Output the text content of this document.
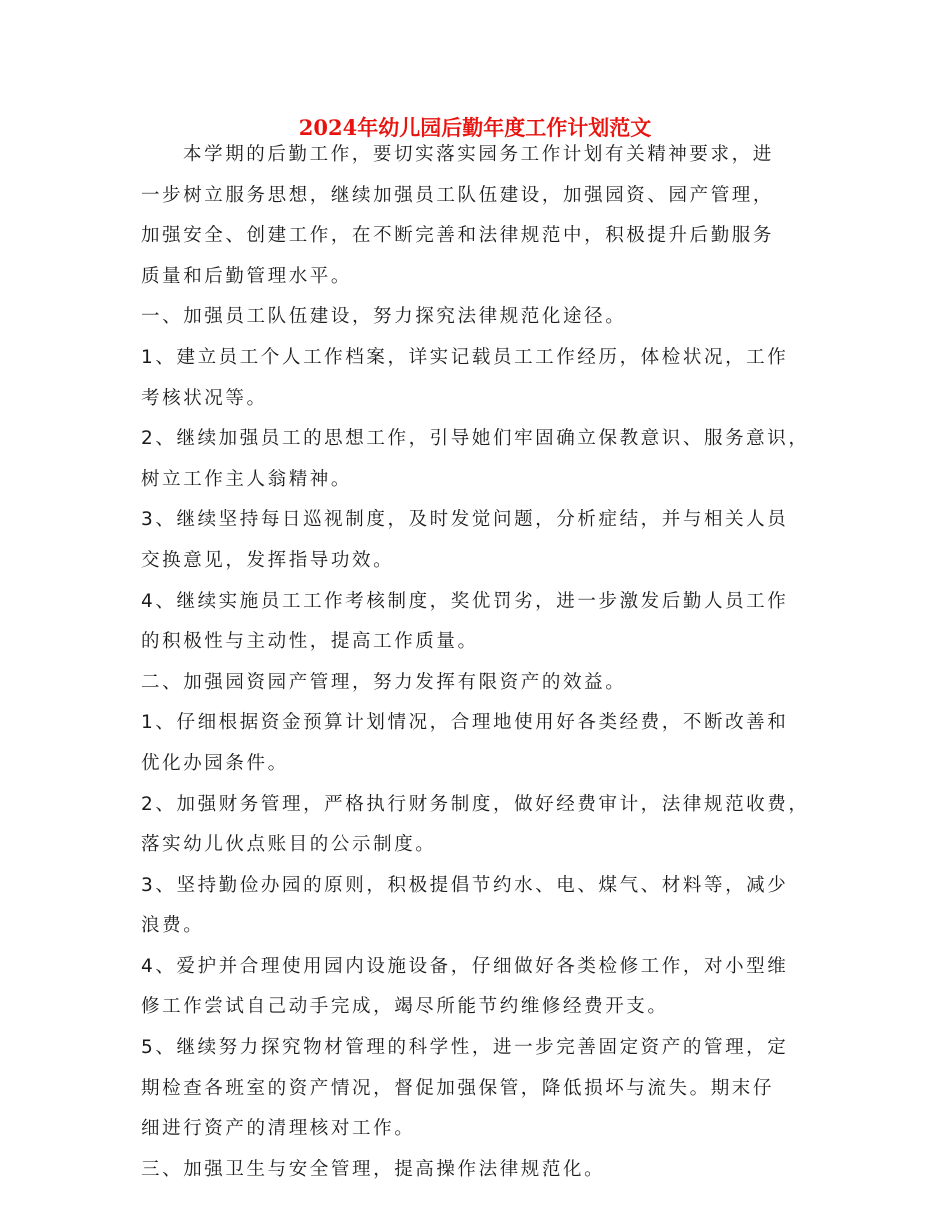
2024年幼儿园后勤年度工作计划范文
本学期的后勤工作，要切实落实园务工作计划有关精神要求，进
一步树立服务思想，继续加强员工队伍建设，加强园资、园产管理，
加强安全、创建工作，在不断完善和法律规范中，积极提升后勤服务
质量和后勤管理水平。
一、加强员工队伍建设，努力探究法律规范化途径。
1、建立员工个人工作档案，详实记载员工工作经历，体检状况，工作
考核状况等。
2、继续加强员工的思想工作，引导她们牢固确立保教意识、服务意识，
树立工作主人翁精神。
3、继续坚持每日巡视制度，及时发觉问题，分析症结，并与相关人员
交换意见，发挥指导功效。
4、继续实施员工工作考核制度，奖优罚劣，进一步激发后勤人员工作
的积极性与主动性，提高工作质量。
二、加强园资园产管理，努力发挥有限资产的效益。
1、仔细根据资金预算计划情况，合理地使用好各类经费，不断改善和
优化办园条件。
2、加强财务管理，严格执行财务制度，做好经费审计，法律规范收费，
落实幼儿伙点账目的公示制度。
3、坚持勤俭办园的原则，积极提倡节约水、电、煤气、材料等，减少
浪费。
4、爱护并合理使用园内设施设备，仔细做好各类检修工作，对小型维
修工作尝试自己动手完成，竭尽所能节约维修经费开支。
5、继续努力探究物材管理的科学性，进一步完善固定资产的管理，定
期检查各班室的资产情况，督促加强保管，降低损坏与流失。期末仔
细进行资产的清理核对工作。
三、加强卫生与安全管理，提高操作法律规范化。
